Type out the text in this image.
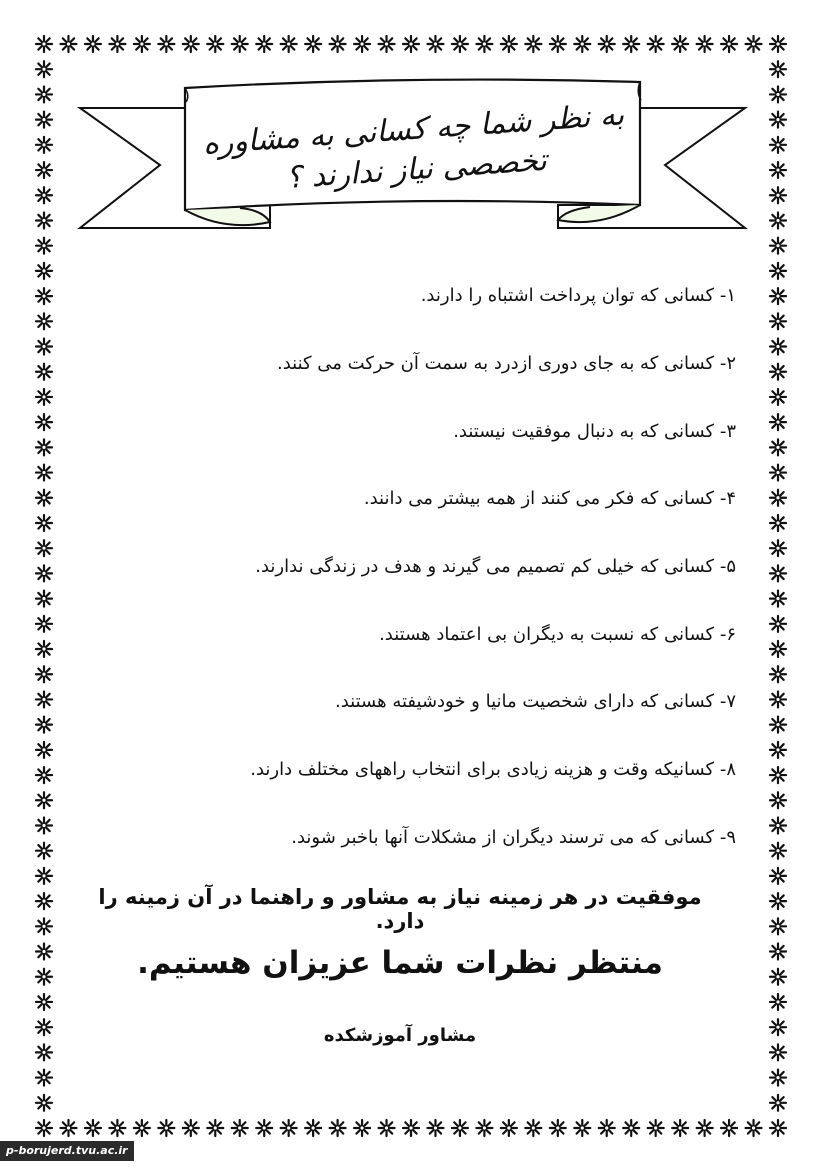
به نظر شما چه کسانی به مشاوره تخصصی نیاز ندارند ؟
۱- کسانی که توان پرداخت اشتباه را دارند.
۲- کسانی که به جای دوری ازدرد به سمت آن حرکت می کنند.
۳- کسانی که به دنبال موفقیت نیستند.
۴- کسانی که فکر می کنند از همه بیشتر می دانند.
۵- کسانی که خیلی کم تصمیم می گیرند و هدف در زندگی ندارند.
۶- کسانی که نسبت به دیگران بی اعتماد هستند.
۷- کسانی که دارای شخصیت مانیا و خودشیفته هستند.
۸- کسانیکه وقت و هزینه زیادی برای انتخاب راههای مختلف دارند.
۹- کسانی که می ترسند دیگران از مشکلات آنها باخبر شوند.
موفقیت در هر زمینه نیاز به مشاور و راهنما در آن زمینه را دارد.
منتظر نظرات شما عزیزان هستیم.
مشاور آموزشکده
p-borujerd.tvu.ac.ir
